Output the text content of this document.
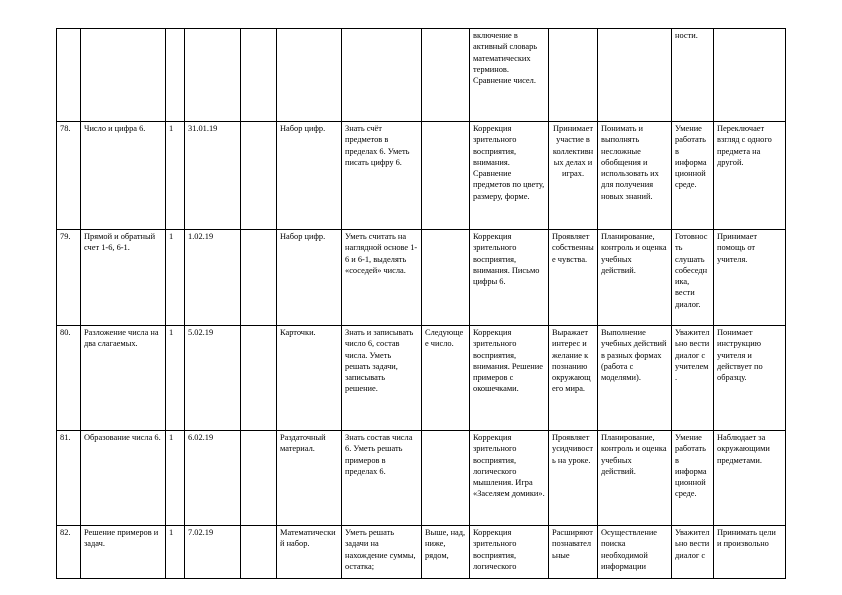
								включение в активный словарь математических терминов. Сравнение чисел.			ности.	

78.	Число и цифра 6.	1	31.01.19		Набор цифр.	Знать счёт предметов в пределах 6. Уметь писать цифру 6.		Коррекция зрительного восприятия, внимания. Сравнение предметов по цвету, размеру, форме.	Принимает участие в коллективных делах и играх.	Понимать и выполнять несложные обобщения и использовать их для получения новых знаний.	Умение работать в информационной среде.	Переключает взгляд с одного предмета на другой.

79.	Прямой и обратный счет 1-6, 6-1.	1	1.02.19		Набор цифр.	Уметь считать на наглядной основе 1-6 и 6-1, выделять «соседей» числа.		Коррекция зрительного восприятия, внимания. Письмо цифры 6.	Проявляет собственные чувства.	Планирование, контроль и оценка учебных действий.	Готовность слушать собеседника, вести диалог.	Принимает помощь от учителя.

80.	Разложение числа на два слагаемых.	1	5.02.19		Карточки.	Знать и записывать число 6, состав числа. Уметь решать задачи, записывать решение.	Следующее число.	Коррекция зрительного восприятия, внимания. Решение примеров с окошечками.	Выражает интерес и желание к познанию окружающего мира.	Выполнение учебных действий в разных формах (работа с моделями).	Уважительно вести диалог с учителем.	Понимает инструкцию учителя и действует по образцу.

81.	Образование числа 6.	1	6.02.19		Раздаточный материал.	Знать состав числа 6. Уметь решать примеров в пределах 6.		Коррекция зрительного восприятия, логического мышления. Игра «Заселяем домики».	Проявляет усидчивость на уроке.	Планирование, контроль и оценка учебных действий.	Умение работать в информационной среде.	Наблюдает за окружающими предметами.

82.	Решение примеров и задач.	1	7.02.19		Математический набор.	Уметь решать задачи на нахождение суммы, остатка;	Выше, над, ниже, рядом,	Коррекция зрительного восприятия, логического	Расширяют познавательные	Осуществление поиска необходимой информации	Уважительно вести диалог с	Принимать цели и произвольно
